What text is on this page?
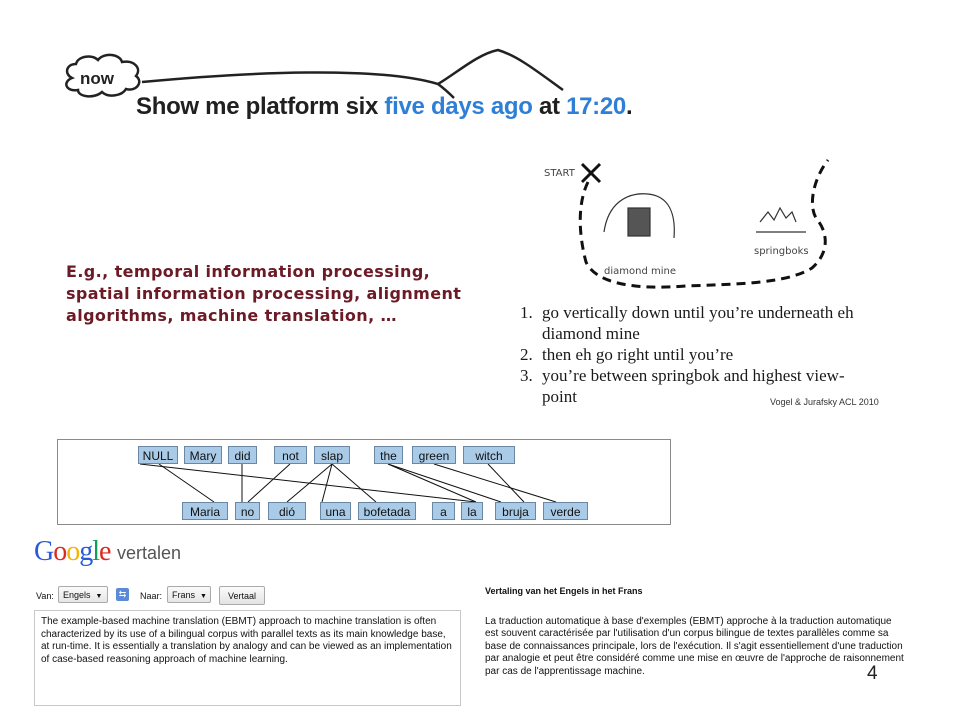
now
Show me platform six five days ago at 17:20.
E.g., temporal information processing,
spatial information processing, alignment
algorithms, machine translation, …
START
diamond mine
springboks
1. go vertically down until you’re underneath eh
diamond mine
2. then eh go right until you’re
3. you’re between springbok and highest view-
point	Vogel & Jurafsky ACL 2010
NULL	Mary	did	not	slap	the	green	witch
Maria	no	dió	una	bofetada	a	la	bruja	verde
Google vertalen
Van:	Engels ▼	⇆	Naar:	Frans ▼	Vertaal
The example-based machine translation (EBMT) approach to machine translation is often characterized by its use of a bilingual corpus with parallel texts as its main knowledge base, at run-time. It is essentially a translation by analogy and can be viewed as an implementation of case-based reasoning approach of machine learning.
Vertaling van het Engels in het Frans
La traduction automatique à base d'exemples (EBMT) approche à la traduction automatique est souvent caractérisée par l'utilisation d'un corpus bilingue de textes parallèles comme sa base de connaissances principale, lors de l'exécution. Il s'agit essentiellement d'une traduction par analogie et peut être considéré comme une mise en œuvre de l'approche de raisonnement par cas de l'apprentissage machine.	4
